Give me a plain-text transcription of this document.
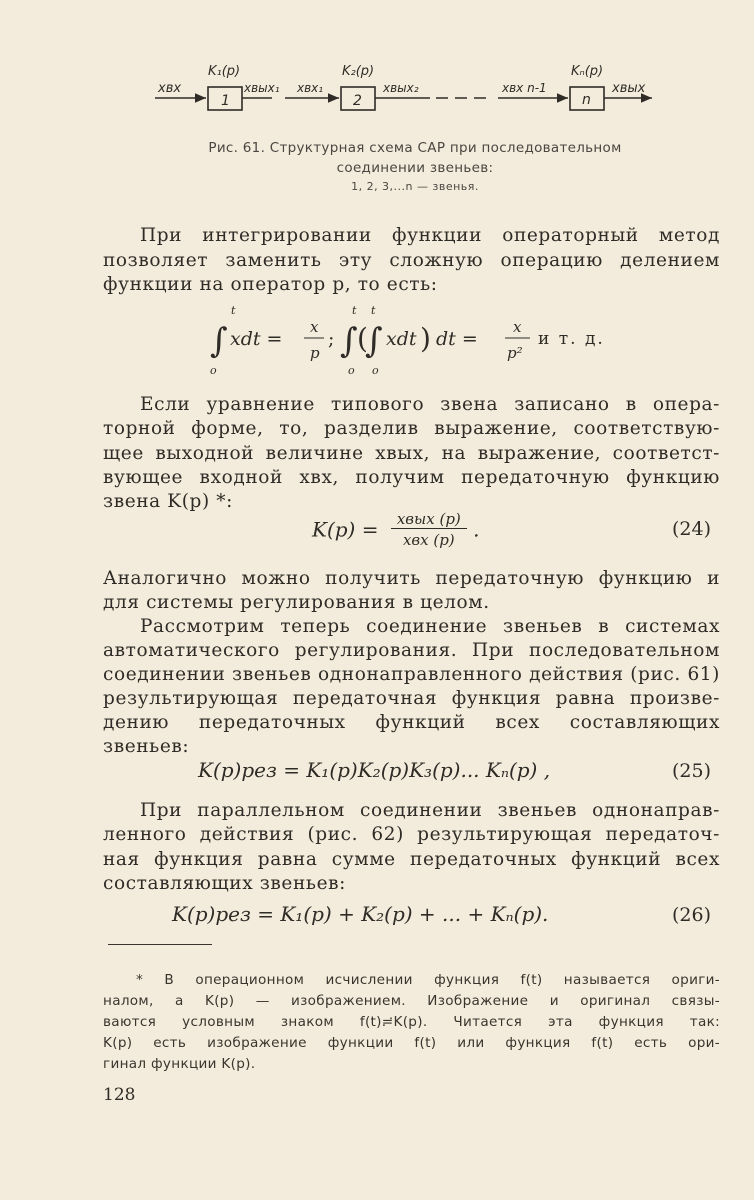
xвх
1
K₁(p)
xвых₁ xвх₁
2
K₂(p)
xвых₂	xвх n-1
n
Kₙ(p)
xвых
Рис. 61. Структурная схема САР при последовательном
соединении звеньев:
1, 2, 3,...n — звенья.
При интегрировании функции операторный метод
позволяет заменить эту сложную операцию делением
функции на оператор p, то есть:
t
∫
o
xdt =
x
p
;
t t
∫
o
(
∫
o
xdt ) dt =
x
p²
и т. д.
Если уравнение типового звена записано в опера-
торной форме, то, разделив выражение, соответствую-
щее выходной величине xвых, на выражение, соответст-
вующее входной xвх, получим передаточную функцию
звена K(p) *:
$K(p) = \frac{\text{xвых (p)}}{\text{xвх (p)}}$ .	(24)
Аналогично можно получить передаточную функцию и
для системы регулирования в целом.
Рассмотрим теперь соединение звеньев в системах
автоматического регулирования. При последовательном
соединении звеньев однонаправленного действия (рис. 61)
результирующая передаточная функция равна произве-
дению передаточных функций всех составляющих
звеньев:
K(p)рез = K₁(p)K₂(p)K₃(p)... Kₙ(p) ,	(25)
При параллельном соединении звеньев однонаправ-
ленного действия (рис. 62) результирующая передаточ-
ная функция равна сумме передаточных функций всех
составляющих звеньев:
K(p)рез = K₁(p) + K₂(p) + ... + Kₙ(p).	(26)
* В операционном исчислении функция f(t) называется ориги-
налом, а K(p) — изображением. Изображение и оригинал связы-
ваются условным знаком f(t)≓K(p). Читается эта функция так:
K(p) есть изображение функции f(t) или функция f(t) есть ори-
гинал функции K(p).
128
